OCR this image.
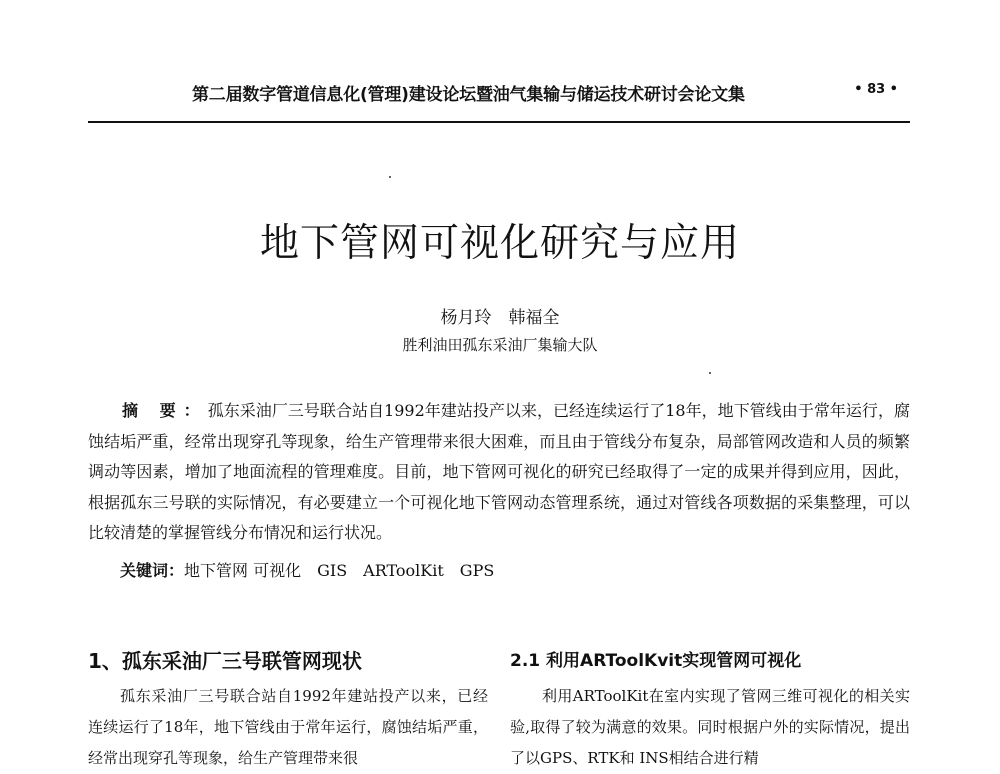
第二届数字管道信息化(管理)建设论坛暨油气集输与储运技术研讨会论文集	• 83 •
地下管网可视化研究与应用
杨月玲　韩福全
胜利油田孤东采油厂集输大队

摘 要：孤东采油厂三号联合站自1992年建站投产以来，已经连续运行了18年，地下管线由于常年运行，腐蚀结垢严重，经常出现穿孔等现象，给生产管理带来很大困难，而且由于管线分布复杂，局部管网改造和人员的频繁调动等因素，增加了地面流程的管理难度。目前，地下管网可视化的研究已经取得了一定的成果并得到应用，因此，根据孤东三号联的实际情况，有必要建立一个可视化地下管网动态管理系统，通过对管线各项数据的采集整理，可以比较清楚的掌握管线分布情况和运行状况。

关键词：地下管网 可视化　GIS　ARToolKit　GPS
1、孤东采油厂三号联管网现状

孤东采油厂三号联合站自1992年建站投产以来，已经连续运行了18年，地下管线由于常年运行，腐蚀结垢严重，经常出现穿孔等现象，给生产管理带来很

2.1 利用ARToolKvit实现管网可视化

利用ARToolKit在室内实现了管网三维可视化的相关实验,取得了较为满意的效果。同时根据户外的实际情况，提出了以GPS、RTK和 INS相结合进行精
